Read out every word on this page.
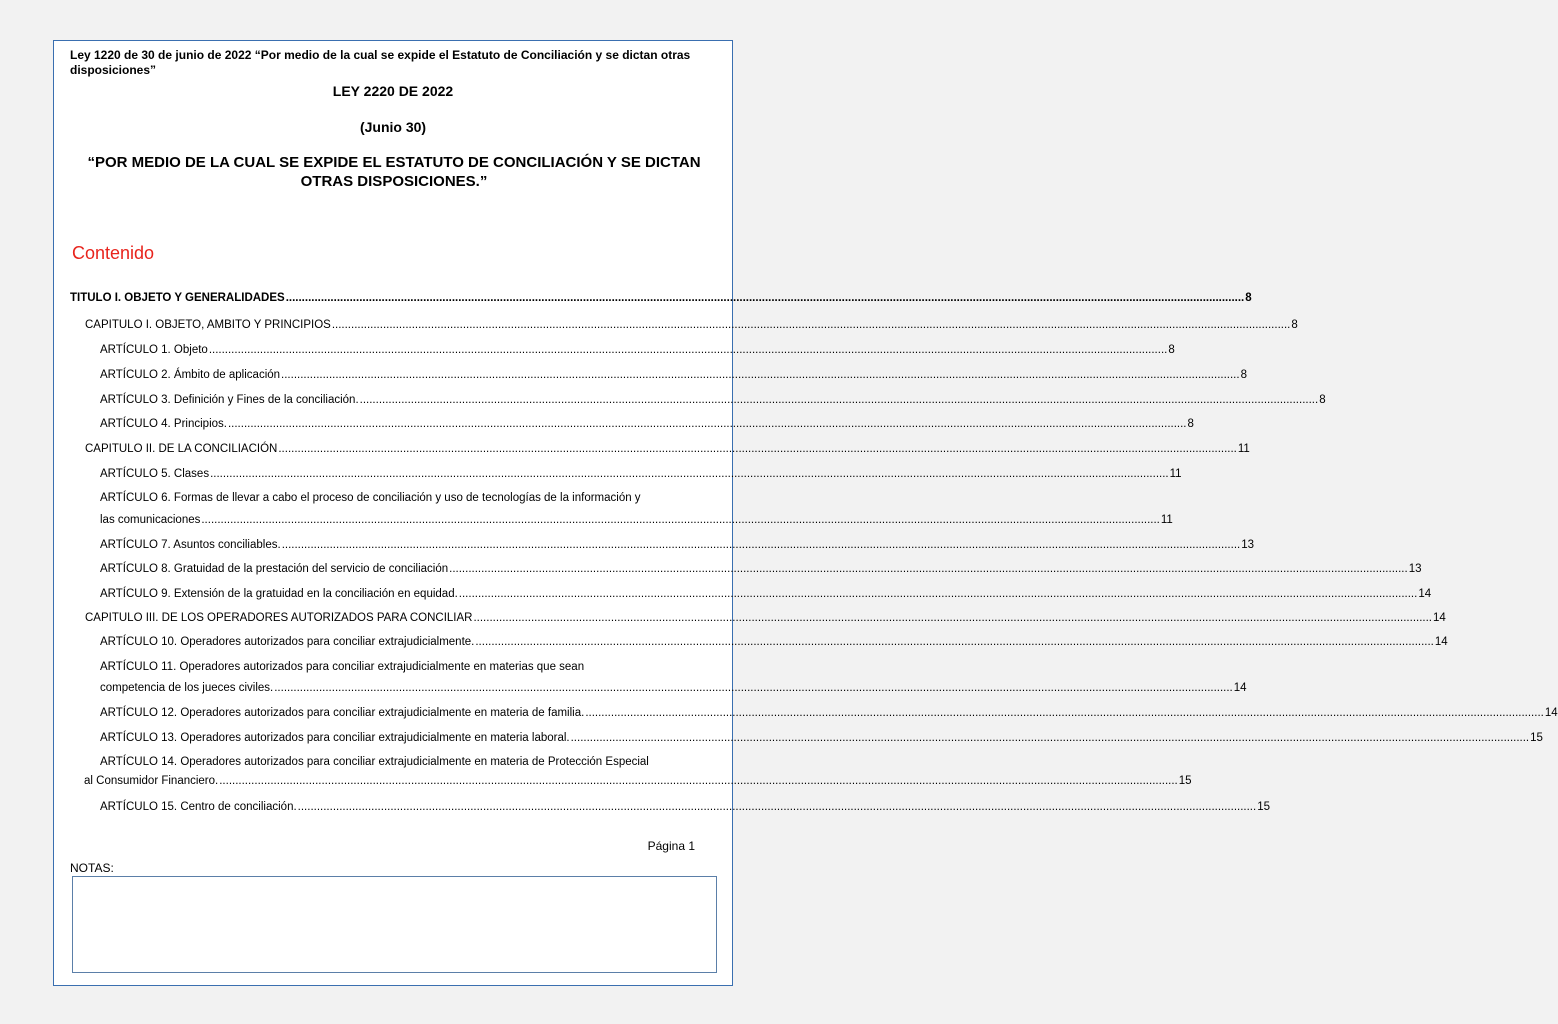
Ley 1220 de 30 de junio de 2022 “Por medio de la cual se expide el Estatuto de Conciliación y se dictan otras
disposiciones”
LEY 2220 DE 2022
(Junio 30)
“POR MEDIO DE LA CUAL SE EXPIDE EL ESTATUTO DE CONCILIACIÓN Y SE DICTAN
OTRAS DISPOSICIONES.”
Contenido
TITULO I. OBJETO Y GENERALIDADES ............................................................................................................................................................................................................................................................................................................ 8
CAPITULO I. OBJETO, AMBITO Y PRINCIPIOS ............................................................................................................................................................................................................................................................................................................ 8
ARTÍCULO 1. Objeto ............................................................................................................................................................................................................................................................................................................ 8
ARTÍCULO 2. Ámbito de aplicación ............................................................................................................................................................................................................................................................................................................ 8
ARTÍCULO 3. Definición y Fines de la conciliación. ............................................................................................................................................................................................................................................................................................................ 8
ARTÍCULO 4. Principios. ............................................................................................................................................................................................................................................................................................................ 8
CAPITULO II. DE LA CONCILIACIÓN ............................................................................................................................................................................................................................................................................................................ 11
ARTÍCULO 5. Clases ............................................................................................................................................................................................................................................................................................................ 11
ARTÍCULO 6. Formas de llevar a cabo el proceso de conciliación y uso de tecnologías de la información y
las comunicaciones ............................................................................................................................................................................................................................................................................................................ 11
ARTÍCULO 7. Asuntos conciliables. ............................................................................................................................................................................................................................................................................................................ 13
ARTÍCULO 8. Gratuidad de la prestación del servicio de conciliación ............................................................................................................................................................................................................................................................................................................ 13
ARTÍCULO 9. Extensión de la gratuidad en la conciliación en equidad. ............................................................................................................................................................................................................................................................................................................ 14
CAPITULO III. DE LOS OPERADORES AUTORIZADOS PARA CONCILIAR ............................................................................................................................................................................................................................................................................................................ 14
ARTÍCULO 10. Operadores autorizados para conciliar extrajudicialmente. ............................................................................................................................................................................................................................................................................................................ 14
ARTÍCULO 11. Operadores autorizados para conciliar extrajudicialmente en materias que sean
competencia de los jueces civiles. ............................................................................................................................................................................................................................................................................................................ 14
ARTÍCULO 12. Operadores autorizados para conciliar extrajudicialmente en materia de familia. ............................................................................................................................................................................................................................................................................................................ 14
ARTÍCULO 13. Operadores autorizados para conciliar extrajudicialmente en materia laboral. ............................................................................................................................................................................................................................................................................................................ 15
ARTÍCULO 14. Operadores autorizados para conciliar extrajudicialmente en materia de Protección Especial
al Consumidor Financiero. ............................................................................................................................................................................................................................................................................................................ 15
ARTÍCULO 15. Centro de conciliación. ............................................................................................................................................................................................................................................................................................................ 15
Página 1
NOTAS:
